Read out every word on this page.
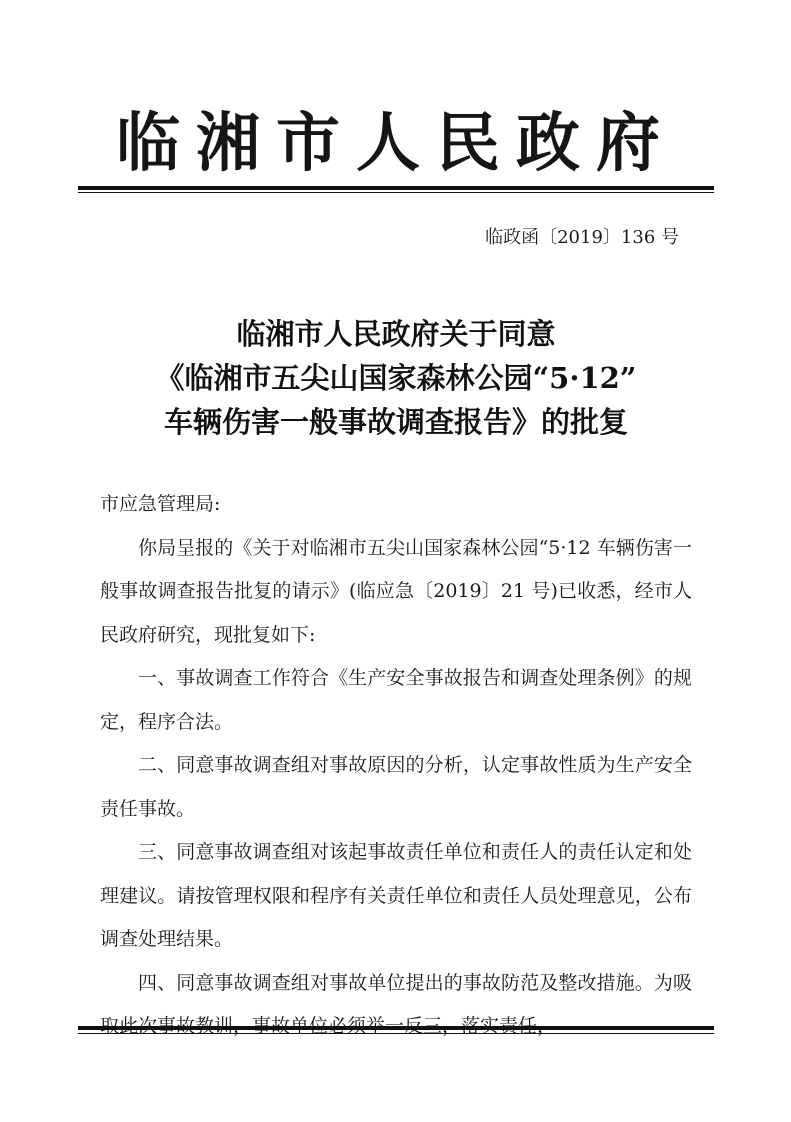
临湘市人民政府
临政函〔2019〕136 号
临湘市人民政府关于同意
《临湘市五尖山国家森林公园“5·12”
车辆伤害一般事故调查报告》的批复

市应急管理局:

你局呈报的《关于对临湘市五尖山国家森林公园“5·12 车辆伤害一般事故调查报告批复的请示》(临应急〔2019〕21 号)已收悉，经市人民政府研究，现批复如下:

一、事故调查工作符合《生产安全事故报告和调查处理条例》的规定，程序合法。

二、同意事故调查组对事故原因的分析，认定事故性质为生产安全责任事故。

三、同意事故调查组对该起事故责任单位和责任人的责任认定和处理建议。请按管理权限和程序有关责任单位和责任人员处理意见，公布调查处理结果。

四、同意事故调查组对事故单位提出的事故防范及整改措施。为吸
